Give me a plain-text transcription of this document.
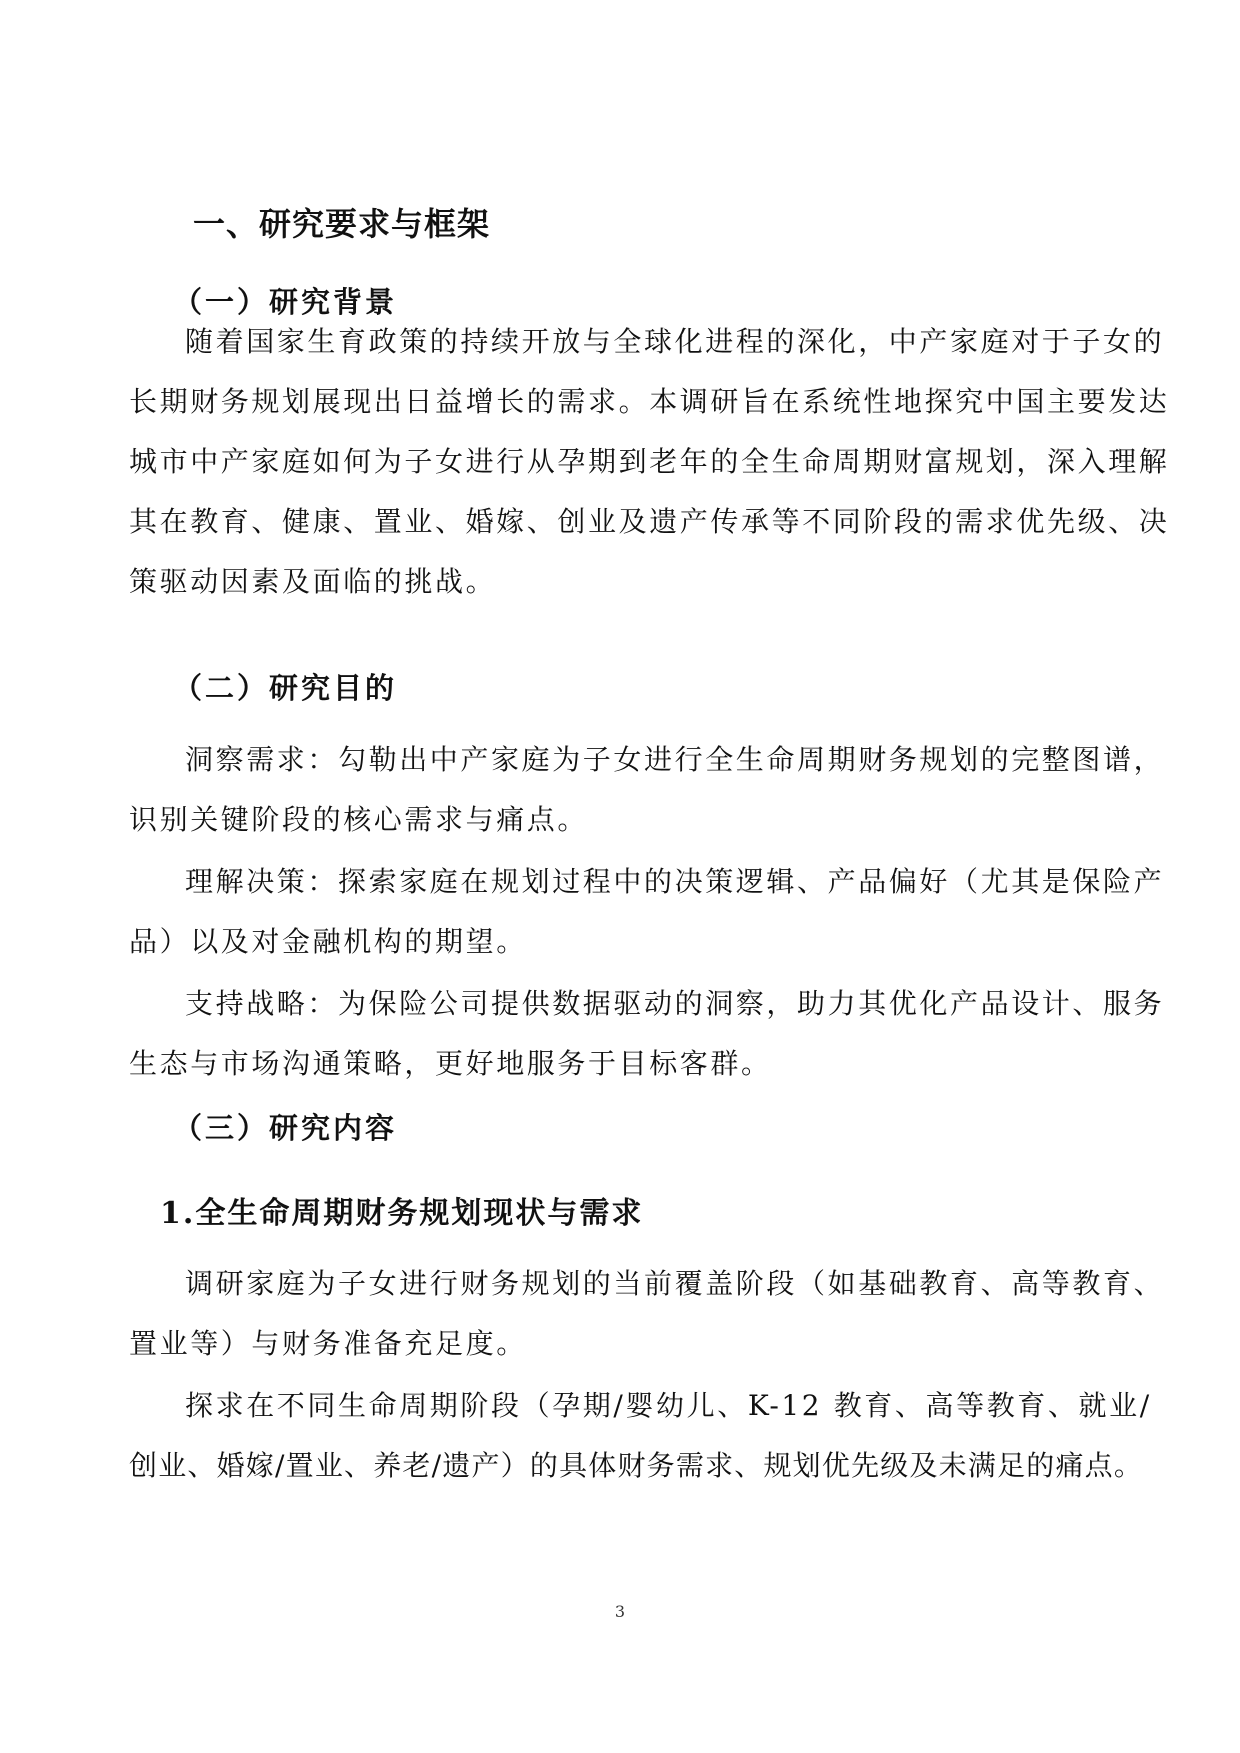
一、研究要求与框架
（一）研究背景
随着国家生育政策的持续开放与全球化进程的深化，中产家庭对于子女的
长期财务规划展现出日益增长的需求。本调研旨在系统性地探究中国主要发达
城市中产家庭如何为子女进行从孕期到老年的全生命周期财富规划，深入理解
其在教育、健康、置业、婚嫁、创业及遗产传承等不同阶段的需求优先级、决
策驱动因素及面临的挑战。
（二）研究目的
洞察需求：勾勒出中产家庭为子女进行全生命周期财务规划的完整图谱，
识别关键阶段的核心需求与痛点。
理解决策：探索家庭在规划过程中的决策逻辑、产品偏好（尤其是保险产
品）以及对金融机构的期望。
支持战略：为保险公司提供数据驱动的洞察，助力其优化产品设计、服务
生态与市场沟通策略，更好地服务于目标客群。
（三）研究内容
1.全生命周期财务规划现状与需求
调研家庭为子女进行财务规划的当前覆盖阶段（如基础教育、高等教育、
置业等）与财务准备充足度。
探求在不同生命周期阶段（孕期/婴幼儿、K-12 教育、高等教育、就业/
创业、婚嫁/置业、养老/遗产）的具体财务需求、规划优先级及未满足的痛点。
3
